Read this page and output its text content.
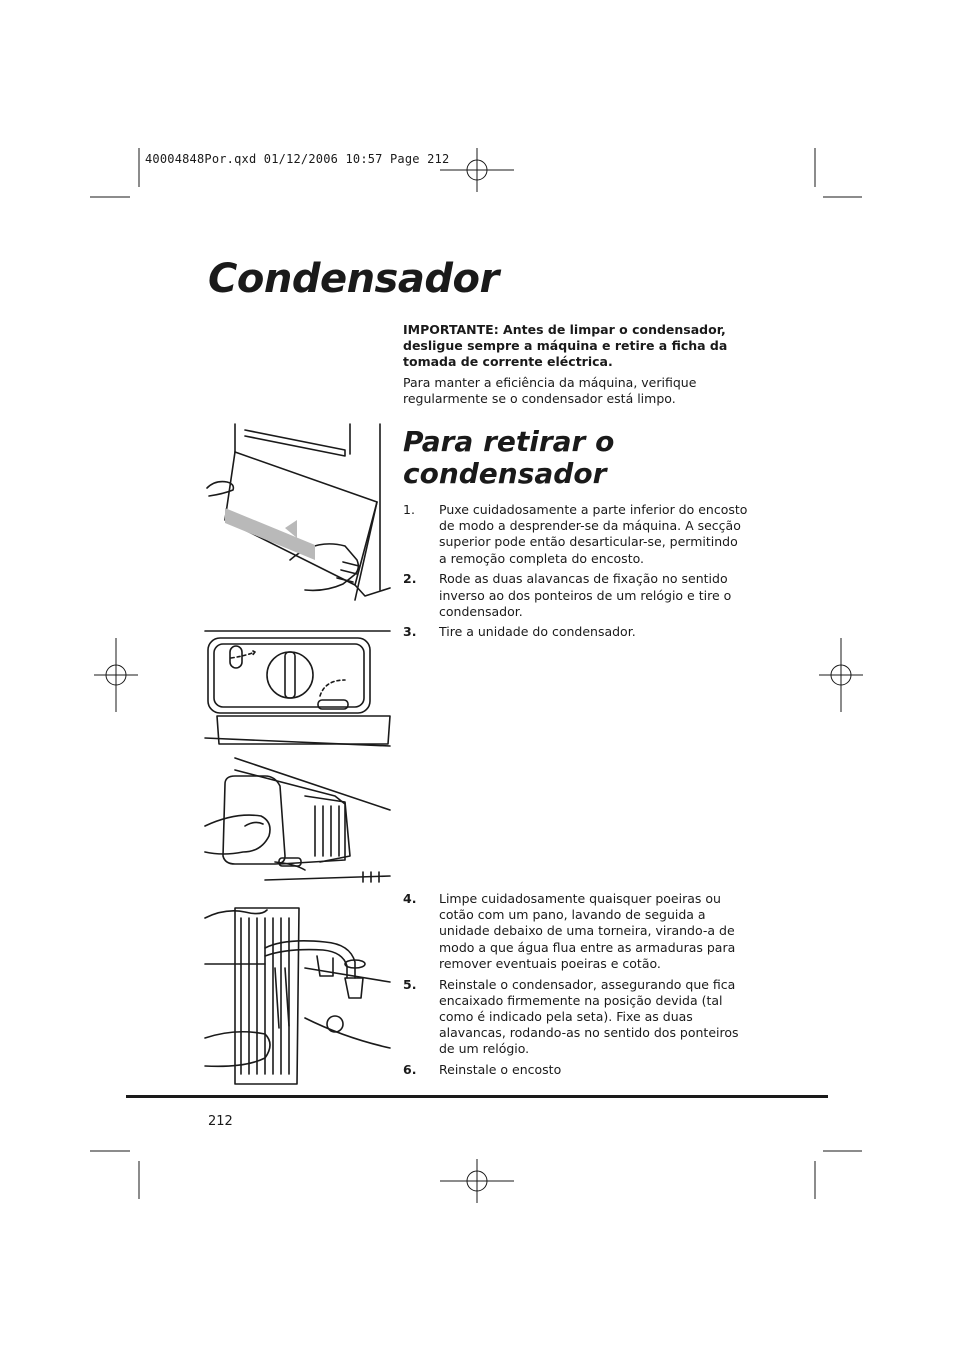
40004848Por.qxd 01/12/2006 10:57 Page 212
Condensador

IMPORTANTE: Antes de limpar o condensador, desligue sempre a máquina e retire a ficha da tomada de corrente eléctrica.

Para manter a eficiência da máquina, verifique regularmente se o condensador está limpo.

Para retirar o condensador
1. Puxe cuidadosamente a parte inferior do encosto de modo a desprender-se da máquina. A secção superior pode então desarticular-se, permitindo a remoção completa do encosto.
2. Rode as duas alavancas de fixação no sentido inverso ao dos ponteiros de um relógio e tire o condensador.
3. Tire a unidade do condensador.
4. Limpe cuidadosamente quaisquer poeiras ou cotão com um pano, lavando de seguida a unidade debaixo de uma torneira, virando-a de modo a que água flua entre as armaduras para remover eventuais poeiras e cotão.
5. Reinstale o condensador, assegurando que fica encaixado firmemente na posição devida (tal como é indicado pela seta). Fixe as duas alavancas, rodando-as no sentido dos ponteiros de um relógio.
6. Reinstale o encosto
212
